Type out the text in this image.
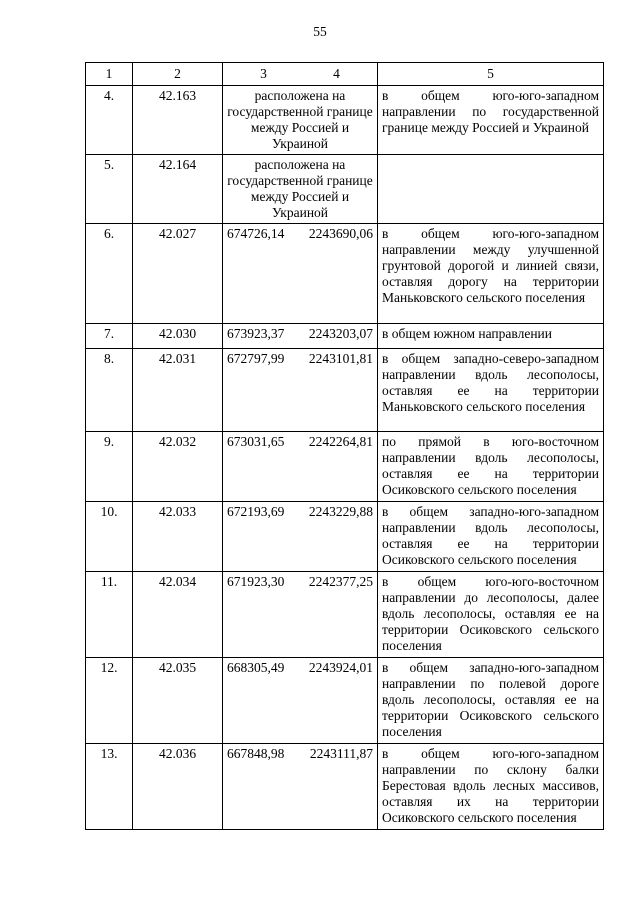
55
1	2	3 4	5
4.	42.163	расположена на государственной границе между Россией и Украиной	в общем юго-юго-западном направлении по государственной границе между Россией и Украиной
5.	42.164	расположена на государственной границе между Россией и Украиной	
6.	42.027	674726,14 2243690,06	в общем юго-юго-западном направлении между улучшенной грунтовой дорогой и линией связи, оставляя дорогу на территории Маньковского сельского поселения
7.	42.030	673923,37 2243203,07	в общем южном направлении
8.	42.031	672797,99 2243101,81	в общем западно-северо-западном направлении вдоль лесополосы, оставляя ее на территории Маньковского сельского поселения
9.	42.032	673031,65 2242264,81	по прямой в юго-восточном направлении вдоль лесополосы, оставляя ее на территории Осиковского сельского поселения
10.	42.033	672193,69 2243229,88	в общем западно-юго-западном направлении вдоль лесополосы, оставляя ее на территории Осиковского сельского поселения
11.	42.034	671923,30 2242377,25	в общем юго-юго-восточном направлении до лесополосы, далее вдоль лесополосы, оставляя ее на территории Осиковского сельского поселения
12.	42.035	668305,49 2243924,01	в общем западно-юго-западном направлении по полевой дороге вдоль лесополосы, оставляя ее на территории Осиковского сельского поселения
13.	42.036	667848,98 2243111,87	в общем юго-юго-западном направлении по склону балки Берестовая вдоль лесных массивов, оставляя их на территории Осиковского сельского поселения
